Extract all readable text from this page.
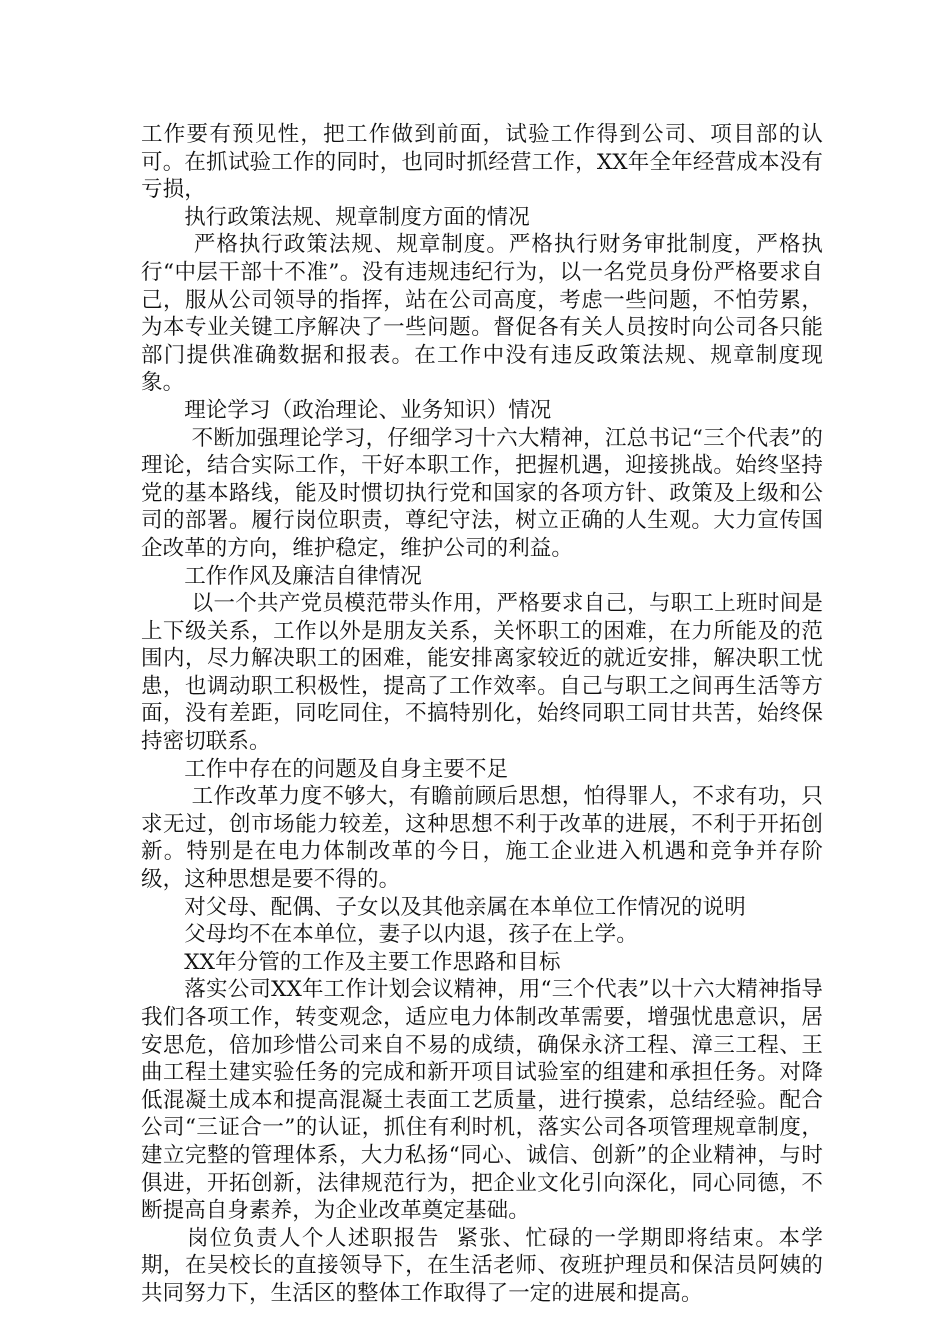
工作要有预见性，把工作做到前面，试验工作得到公司、项目部的认可。在抓试验工作的同时，也同时抓经营工作，XX年全年经营成本没有亏损，

　　执行政策法规、规章制度方面的情况

　　 严格执行政策法规、规章制度。严格执行财务审批制度，严格执行“中层干部十不准”。没有违规违纪行为，以一名党员身份严格要求自己，服从公司领导的指挥，站在公司高度，考虑一些问题，不怕劳累，为本专业关键工序解决了一些问题。督促各有关人员按时向公司各只能部门提供准确数据和报表。在工作中没有违反政策法规、规章制度现象。

　　理论学习（政治理论、业务知识）情况

　　 不断加强理论学习，仔细学习十六大精神，江总书记“三个代表”的理论，结合实际工作，干好本职工作，把握机遇，迎接挑战。始终坚持党的基本路线，能及时惯切执行党和国家的各项方针、政策及上级和公司的部署。履行岗位职责，尊纪守法，树立正确的人生观。大力宣传国企改革的方向，维护稳定，维护公司的利益。

　　工作作风及廉洁自律情况

　　 以一个共产党员模范带头作用，严格要求自己，与职工上班时间是上下级关系，工作以外是朋友关系，关怀职工的困难，在力所能及的范围内，尽力解决职工的困难，能安排离家较近的就近安排，解决职工忧患，也调动职工积极性，提高了工作效率。自己与职工之间再生活等方面，没有差距，同吃同住，不搞特别化，始终同职工同甘共苦，始终保持密切联系。

　　工作中存在的问题及自身主要不足

　　 工作改革力度不够大，有瞻前顾后思想，怕得罪人，不求有功，只求无过，创市场能力较差，这种思想不利于改革的进展，不利于开拓创新。特别是在电力体制改革的今日，施工企业进入机遇和竞争并存阶级，这种思想是要不得的。

　　对父母、配偶、子女以及其他亲属在本单位工作情况的说明

　　父母均不在本单位，妻子以内退，孩子在上学。

　　XX年分管的工作及主要工作思路和目标

　　落实公司XX年工作计划会议精神，用“三个代表”以十六大精神指导我们各项工作，转变观念，适应电力体制改革需要，增强忧患意识，居安思危，倍加珍惜公司来自不易的成绩，确保永济工程、漳三工程、王曲工程土建实验任务的完成和新开项目试验室的组建和承担任务。对降低混凝土成本和提高混凝土表面工艺质量，进行摸索，总结经验。配合公司“三证合一”的认证，抓住有利时机，落实公司各项管理规章制度，建立完整的管理体系，大力私扬“同心、诚信、创新”的企业精神，与时俱进，开拓创新，法律规范行为，把企业文化引向深化，同心同德，不断提高自身素养，为企业改革奠定基础。

　　岗位负责人个人述职报告  紧张、忙碌的一学期即将结束。本学期，在吴校长的直接领导下，在生活老师、夜班护理员和保洁员阿姨的共同努力下，生活区的整体工作取得了一定的进展和提高。
